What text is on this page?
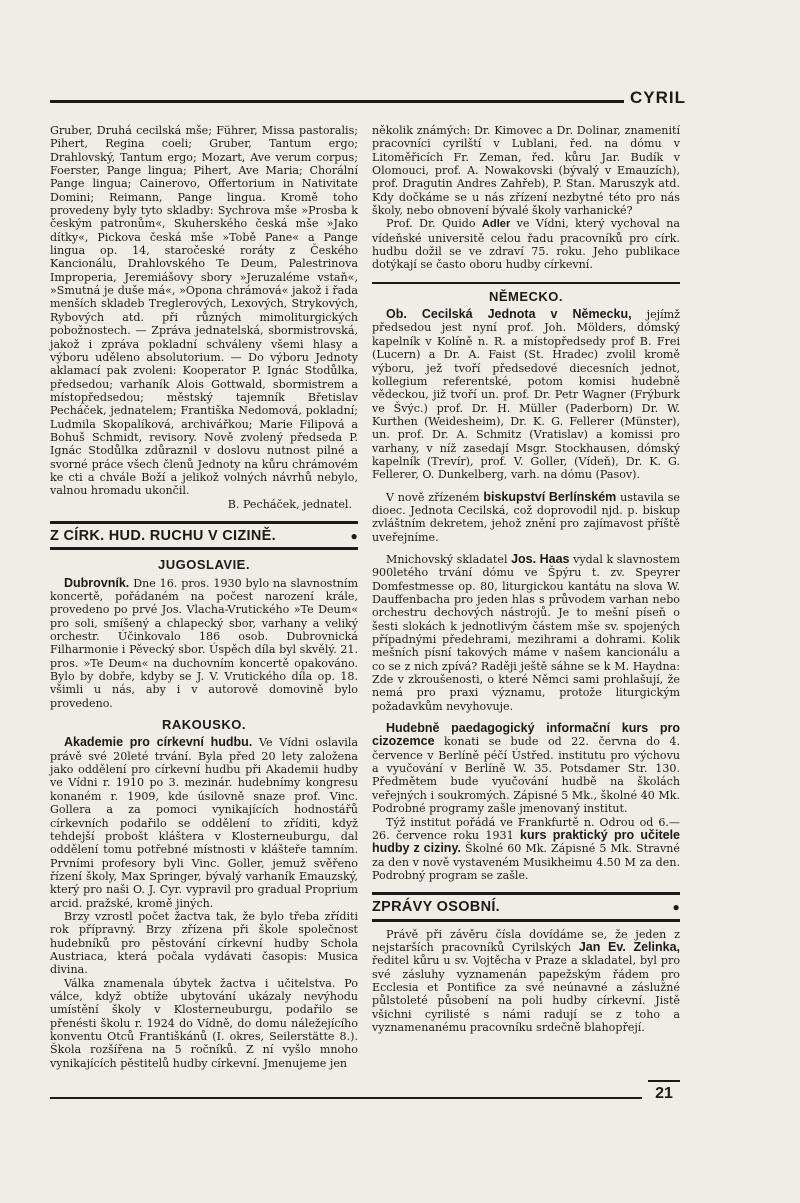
CYRIL

Gruber, Druhá cecilská mše; Führer, Missa pastoralis; Pihert, Regina coeli; Gruber, Tantum ergo; Drahlovský, Tantum ergo; Mozart, Ave verum corpus; Foerster, Pange lingua; Pihert, Ave Maria; Chorální Pange lingua; Cainerovo, Offertorium in Nativitate Domini; Reimann, Pange lingua. Kromě toho provedeny byly tyto skladby: Sychrova mše »Prosba k českým patronům«, Skuherského česká mše »Jako dítky«, Pickova česká mše »Tobě Pane« a Pange lingua op. 14, staročeské roráty z Českého Kancionálu, Drahlovského Te Deum, Palestrinova Improperia, Jeremiášovy sbory »Jeruzaléme vstaň«, »Smutná je duše má«, »Opona chrámová« jakož i řada menších skladeb Treglerových, Lexových, Strykových, Rybových atd. při různých mimoliturgických pobožnostech. — Zpráva jednatelská, sbormistrovská, jakož i zpráva pokladní schváleny všemi hlasy a výboru uděleno absolutorium. — Do výboru Jednoty aklamací pak zvoleni: Kooperator P. Ignác Stodůlka, předsedou; varhaník Alois Gottwald, sbormistrem a místopředsedou; městský tajemník Břetislav Pecháček, jednatelem; Františka Nedomová, pokladní; Ludmila Skopalíková, archivářkou; Marie Filipová a Bohuš Schmidt, revisory. Nově zvolený předseda P. Ignác Stodůlka zdůraznil v doslovu nutnost pilné a svorné práce všech členů Jednoty na kůru chrámovém ke cti a chvále Boží a jelikož volných návrhů nebylo, valnou hromadu ukončil.

B. Pecháček, jednatel.

Z CÍRK. HUD. RUCHU V CIZINĚ.	●
JUGOSLAVIE.

Dubrovník. Dne 16. pros. 1930 bylo na slavnostním koncertě, pořádaném na počest narození krále, provedeno po prvé Jos. Vlacha-Vrutického »Te Deum« pro soli, smíšený a chlapecký sbor, varhany a veliký orchestr. Účinkovalo 186 osob. Dubrovnická Filharmonie i Pěvecký sbor. Úspěch díla byl skvělý. 21. pros. »Te Deum« na duchovním koncertě opakováno. Bylo by dobře, kdyby se J. V. Vrutického díla op. 18. všimli u nás, aby i v autorově domovině bylo provedeno.

RAKOUSKO.

Akademie pro církevní hudbu. Ve Vídni oslavila právě své 20leté trvání. Byla před 20 lety založena jako oddělení pro církevní hudbu při Akademii hudby ve Vídni r. 1910 po 3. mezinár. hudebnímy kongresu konaném r. 1909, kde úsilovně snaze prof. Vinc. Gollera a za pomoci vynikajících hodnostářů církevních podařilo se oddělení to zříditi, když tehdejší probošt kláštera v Klosterneuburgu, dal oddělení tomu potřebné místnosti v klášteře tamním. Prvními profesory byli Vinc. Goller, jemuž svěřeno řízení školy, Max Springer, bývalý varhaník Emauzský, který pro naši O. J. Cyr. vypravil pro gradual Proprium arcid. pražské, kromě jiných.

Brzy vzrostl počet žactva tak, že bylo třeba zříditi rok přípravný. Brzy zřízena při škole společnost hudebníků pro pěstování církevní hudby Schola Austriaca, která počala vydávati časopis: Musica divina.

Válka znamenala úbytek žactva i učitelstva. Po válce, když obtíže ubytování ukázaly nevýhodu umístění školy v Klosterneuburgu, podařilo se přenésti školu r. 1924 do Vídně, do domu náležejícího konventu Otců Františkánů (I. okres, Seilerstätte 8.). Škola rozšířena na 5 ročníků. Z ní vyšlo mnoho vynikajících pěstitelů hudby církevní. Jmenujeme jen

několik známých: Dr. Kimovec a Dr. Dolinar, znamenití pracovníci cyrilští v Lublani, řed. na dómu v Litoměřicích Fr. Zeman, řed. kůru Jar. Budík v Olomouci, prof. A. Nowakovski (bývalý v Emauzích), prof. Dragutin Andres Zahřeb), P. Stan. Maruszyk atd. Kdy dočkáme se u nás zřízení nezbytné této pro nás školy, nebo obnovení bývalé školy varhanické?

Prof. Dr. Quido Adler ve Vídni, který vychoval na vídeňské universitě celou řadu pracovníků pro círk. hudbu dožil se ve zdraví 75. roku. Jeho publikace dotýkají se často oboru hudby církevní.

NĚMECKO.

Ob. Cecilská Jednota v Německu, jejímž předsedou jest nyní prof. Joh. Mölders, dómský kapelník v Kolíně n. R. a místopředsedy prof B. Frei (Lucern) a Dr. A. Faist (St. Hradec) zvolil kromě výboru, jež tvoří předsedové diecesních jednot, kollegium referentské, potom komisi hudebně vědeckou, již tvoří un. prof. Dr. Petr Wagner (Frýburk ve Švýc.) prof. Dr. H. Müller (Paderborn) Dr. W. Kurthen (Weidesheim), Dr. K. G. Fellerer (Münster), un. prof. Dr. A. Schmitz (Vratislav) a komissi pro varhany, v níž zasedají Msgr. Stockhausen, dómský kapelník (Trevír), prof. V. Goller, (Vídeň), Dr. K. G. Fellerer, O. Dunkelberg, varh. na dómu (Pasov).

V nově zřízeném biskupství Berlínském ustavila se dioec. Jednota Cecilská, což doprovodil njd. p. biskup zvláštním dekretem, jehož znění pro zajímavost příště uveřejníme.

Mnichovský skladatel Jos. Haas vydal k slavnostem 900letého trvání dómu ve Špýru t. zv. Speyrer Domfestmesse op. 80, liturgickou kantátu na slova W. Dauffenbacha pro jeden hlas s průvodem varhan nebo orchestru dechových nástrojů. Je to mešní píseň o šesti slokách k jednotlivým částem mše sv. spojených případnými předehrami, mezihrami a dohrami. Kolik mešních písní takových máme v našem kancionálu a co se z nich zpívá? Raději ještě sáhne se k M. Haydna: Zde v zkroušenosti, o které Němci sami prohlašují, že nemá pro praxi významu, protože liturgickým požadavkům nevyhovuje.

Hudebně paedagogický informační kurs pro cizozemce konati se bude od 22. června do 4. července v Berlíně péčí Ústřed. institutu pro výchovu a vyučování v Berlíně W. 35. Potsdamer Str. 130. Předmětem bude vyučování hudbě na školách veřejných i soukromých. Zápisné 5 Mk., školné 40 Mk. Podrobné programy zašle jmenovaný institut.

Týž institut pořádá ve Frankfurtě n. Odrou od 6.—26. července roku 1931 kurs praktický pro učitele hudby z ciziny. Školné 60 Mk. Zápisné 5 Mk. Stravné za den v nově vystaveném Musikheimu 4.50 M za den. Podrobný program se zašle.

ZPRÁVY OSOBNÍ.	●

Právě při závěru čísla dovídáme se, že jeden z nejstarších pracovníků Cyrilských Jan Ev. Zelinka, ředitel kůru u sv. Vojtěcha v Praze a skladatel, byl pro své zásluhy vyznamenán papežským řádem pro Ecclesia et Pontifice za své neúnavné a záslužné půlstoleté působení na poli hudby církevní. Jistě všichni cyrilisté s námi radují se z toho a vyznamenanému pracovníku srdečně blahopřejí.

21
